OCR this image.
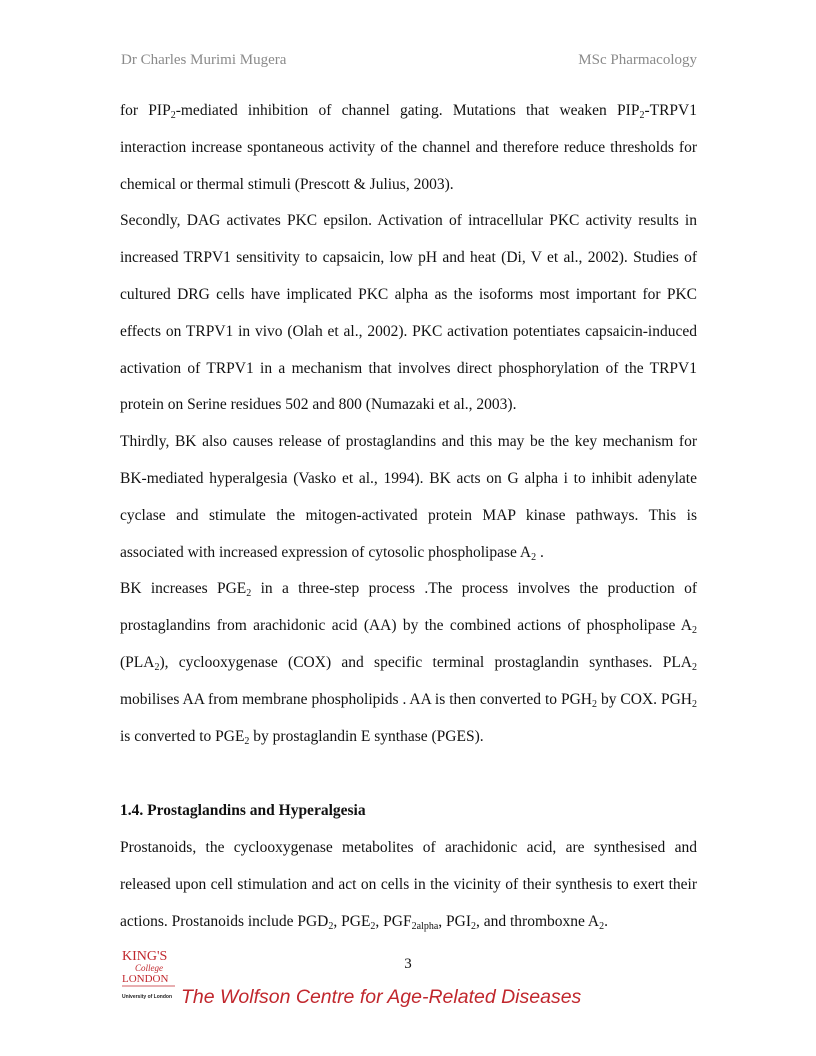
Dr Charles Murimi Mugera	MSc Pharmacology

for $PIP_2$-mediated inhibition of channel gating. Mutations that weaken $PIP_2-TRPV1$ interaction increase spontaneous activity of the channel and therefore reduce thresholds for chemical or thermal stimuli (Prescott & Julius, 2003).

Secondly, DAG activates PKC epsilon. Activation of intracellular PKC activity results in increased TRPV1 sensitivity to capsaicin, low pH and heat (Di, V et al., 2002). Studies of cultured DRG cells have implicated PKC alpha as the isoforms most important for PKC effects on TRPV1 in vivo (Olah et al., 2002). PKC activation potentiates capsaicin-induced activation of TRPV1 in a mechanism that involves direct phosphorylation of the TRPV1 protein on Serine residues 502 and 800 (Numazaki et al., 2003).

Thirdly, BK also causes release of prostaglandins and this may be the key mechanism for BK-mediated hyperalgesia (Vasko et al., 1994). BK acts on G alpha i to inhibit adenylate cyclase and stimulate the mitogen-activated protein MAP kinase pathways. This is associated with increased expression of cytosolic phospholipase $A_2$ .

BK increases $PGE_2$ in a three-step process .The process involves the production of prostaglandins from arachidonic acid (AA) by the combined actions of phospholipase $A_2$ $(PLA_2)$, cyclooxygenase (COX) and specific terminal prostaglandin synthases. $PLA_2$ mobilises AA from membrane phospholipids . AA is then converted to $PGH_2$ by COX. $PGH_2$ is converted to $PGE_2$ by prostaglandin E synthase (PGES).

1.4. Prostaglandins and Hyperalgesia

Prostanoids, the cyclooxygenase metabolites of arachidonic acid, are synthesised and released upon cell stimulation and act on cells in the vicinity of their synthesis to exert their actions. Prostanoids include $PGD_2$, $PGE_2$, $PGF_{2alpha}$, $PGI_2$, and thromboxne $A_2$.

3
KING'S
College
LONDON
University of London The Wolfson Centre for Age-Related Diseases
